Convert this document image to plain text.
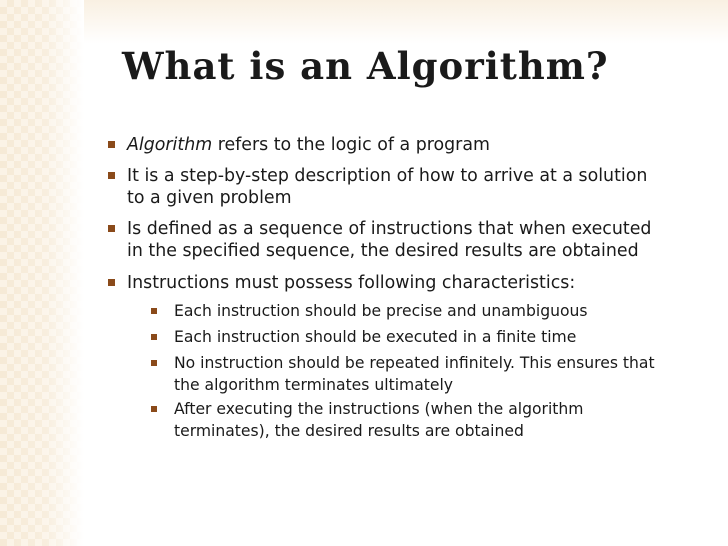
What is an Algorithm?
Algorithm refers to the logic of a program
It is a step-by-step description of how to arrive at a solution
to a given problem
Is defined as a sequence of instructions that when executed
in the specified sequence, the desired results are obtained
Instructions must possess following characteristics:
Each instruction should be precise and unambiguous
Each instruction should be executed in a finite time
No instruction should be repeated infinitely. This ensures that
the algorithm terminates ultimately
After executing the instructions (when the algorithm
terminates), the desired results are obtained
